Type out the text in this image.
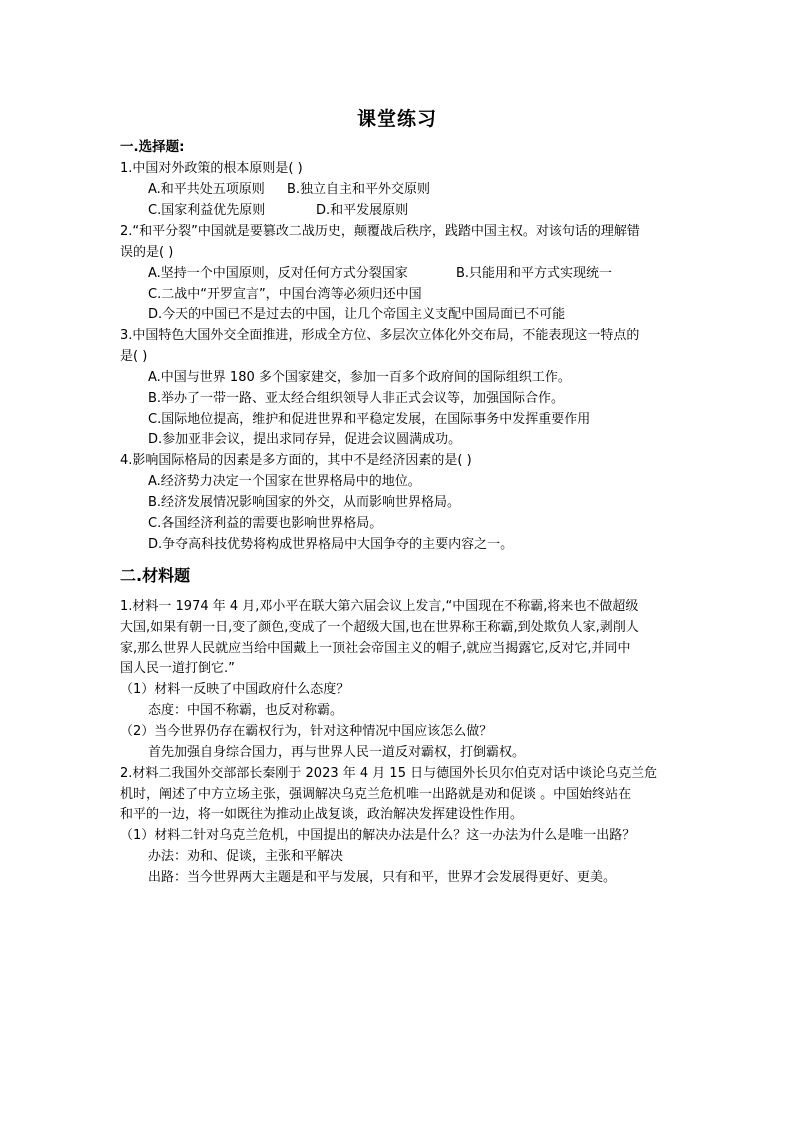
课堂练习
一.选择题:
1.中国对外政策的根本原则是( )
A.和平共处五项原则 B.独立自主和平外交原则
C.国家利益优先原则	D.和平发展原则
2.“和平分裂”中国就是要篡改二战历史，颠覆战后秩序，践踏中国主权。对该句话的理解错
误的是( )
A.坚持一个中国原则，反对任何方式分裂国家	B.只能用和平方式实现统一
C.二战中“开罗宣言”，中国台湾等必须归还中国
D.今天的中国已不是过去的中国，让几个帝国主义支配中国局面已不可能
3.中国特色大国外交全面推进，形成全方位、多层次立体化外交布局，不能表现这一特点的
是( )
A.中国与世界 180 多个国家建交，参加一百多个政府间的国际组织工作。
B.举办了一带一路、亚太经合组织领导人非正式会议等，加强国际合作。
C.国际地位提高，维护和促进世界和平稳定发展，在国际事务中发挥重要作用
D.参加亚非会议，提出求同存异，促进会议圆满成功。
4.影响国际格局的因素是多方面的，其中不是经济因素的是( )
A.经济势力决定一个国家在世界格局中的地位。
B.经济发展情况影响国家的外交，从而影响世界格局。
C.各国经济利益的需要也影响世界格局。
D.争夺高科技优势将构成世界格局中大国争夺的主要内容之一。
二.材料题
1.材料一 1974 年 4 月,邓小平在联大第六届会议上发言,“中国现在不称霸,将来也不做超级
大国,如果有朝一日,变了颜色,变成了一个超级大国,也在世界称王称霸,到处欺负人家,剥削人
家,那么世界人民就应当给中国戴上一顶社会帝国主义的帽子,就应当揭露它,反对它,并同中
国人民一道打倒它.”
（1）材料一反映了中国政府什么态度？
态度：中国不称霸，也反对称霸。
（2）当今世界仍存在霸权行为，针对这种情况中国应该怎么做？
首先加强自身综合国力，再与世界人民一道反对霸权，打倒霸权。
2.材料二我国外交部部长秦刚于 2023 年 4 月 15 日与德国外长贝尔伯克对话中谈论乌克兰危
机时，阐述了中方立场主张，强调解决乌克兰危机唯一出路就是劝和促谈 。中国始终站在
和平的一边，将一如既往为推动止战复谈，政治解决发挥建设性作用。
（1）材料二针对乌克兰危机，中国提出的解决办法是什么？这一办法为什么是唯一出路？
办法：劝和、促谈，主张和平解决
出路：当今世界两大主题是和平与发展，只有和平，世界才会发展得更好、更美。
